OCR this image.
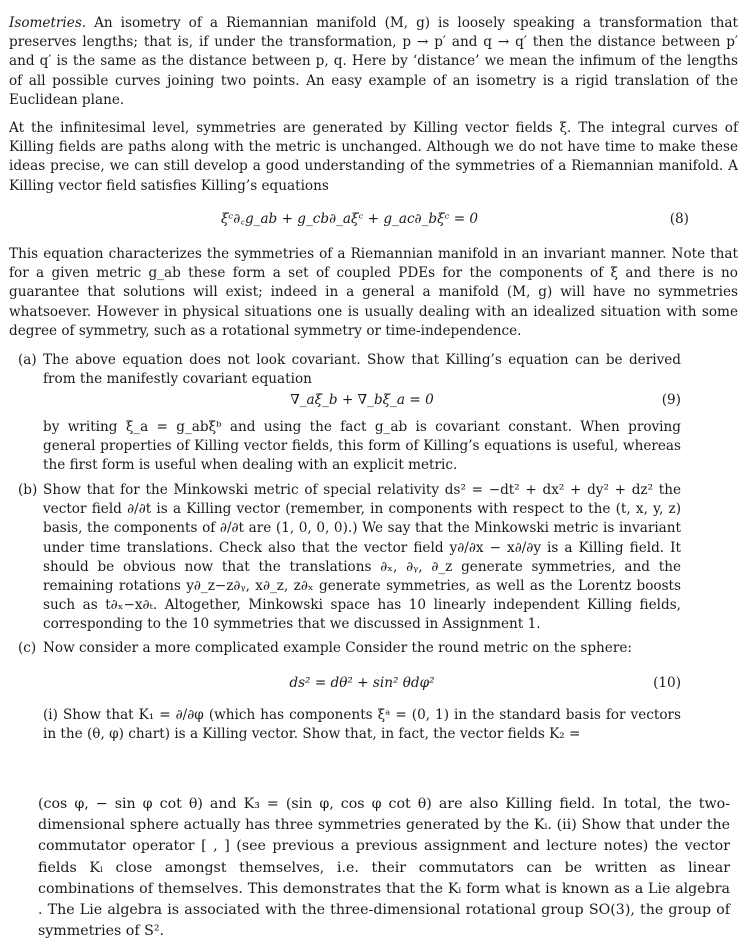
Isometries. An isometry of a Riemannian manifold (M, g) is loosely speaking a transformation that preserves lengths; that is, if under the transformation, p → p′ and q → q′ then the distance between p′ and q′ is the same as the distance between p, q. Here by ‘distance’ we mean the infimum of the lengths of all possible curves joining two points. An easy example of an isometry is a rigid translation of the Euclidean plane.

At the infinitesimal level, symmetries are generated by Killing vector fields ξ. The integral curves of Killing fields are paths along with the metric is unchanged. Although we do not have time to make these ideas precise, we can still develop a good understanding of the symmetries of a Riemannian manifold. A Killing vector field satisfies Killing’s equations

ξᶜ∂꜀g_ab + g_cb∂_aξᶜ + g_ac∂_bξᶜ = 0	(8)

This equation characterizes the symmetries of a Riemannian manifold in an invariant manner. Note that for a given metric g_ab these form a set of coupled PDEs for the components of ξ and there is no guarantee that solutions will exist; indeed in a general a manifold (M, g) will have no symmetries whatsoever. However in physical situations one is usually dealing with an idealized situation with some degree of symmetry, such as a rotational symmetry or time-independence.

(a) The above equation does not look covariant. Show that Killing’s equation can be derived from the manifestly covariant equation

∇_aξ_b + ∇_bξ_a = 0	(9)

by writing ξ_a = g_abξᵇ and using the fact g_ab is covariant constant. When proving general properties of Killing vector fields, this form of Killing’s equations is useful, whereas the first form is useful when dealing with an explicit metric.

(b) Show that for the Minkowski metric of special relativity ds² = −dt² + dx² + dy² + dz² the vector field ∂/∂t is a Killing vector (remember, in components with respect to the (t, x, y, z) basis, the components of ∂/∂t are (1, 0, 0, 0).) We say that the Minkowski metric is invariant under time translations. Check also that the vector field y∂/∂x − x∂/∂y is a Killing field. It should be obvious now that the translations ∂ₓ, ∂ᵧ, ∂_z generate symmetries, and the remaining rotations y∂_z−z∂ᵧ, x∂_z, z∂ₓ generate symmetries, as well as the Lorentz boosts such as t∂ₓ−x∂ₜ. Altogether, Minkowski space has 10 linearly independent Killing fields, corresponding to the 10 symmetries that we discussed in Assignment 1.

(c) Now consider a more complicated example Consider the round metric on the sphere:

ds² = dθ² + sin² θdφ²	(10)

(i) Show that K₁ = ∂/∂φ (which has components ξᵃ = (0, 1) in the standard basis for vectors in the (θ, φ) chart) is a Killing vector. Show that, in fact, the vector fields K₂ =

(cos φ, − sin φ cot θ) and K₃ = (sin φ, cos φ cot θ) are also Killing field. In total, the two-dimensional sphere actually has three symmetries generated by the Kᵢ. (ii) Show that under the commutator operator [ , ] (see previous a previous assignment and lecture notes) the vector fields Kᵢ close amongst themselves, i.e. their commutators can be written as linear combinations of themselves. This demonstrates that the Kᵢ form what is known as a Lie algebra . The Lie algebra is associated with the three-dimensional rotational group SO(3), the group of symmetries of S².
